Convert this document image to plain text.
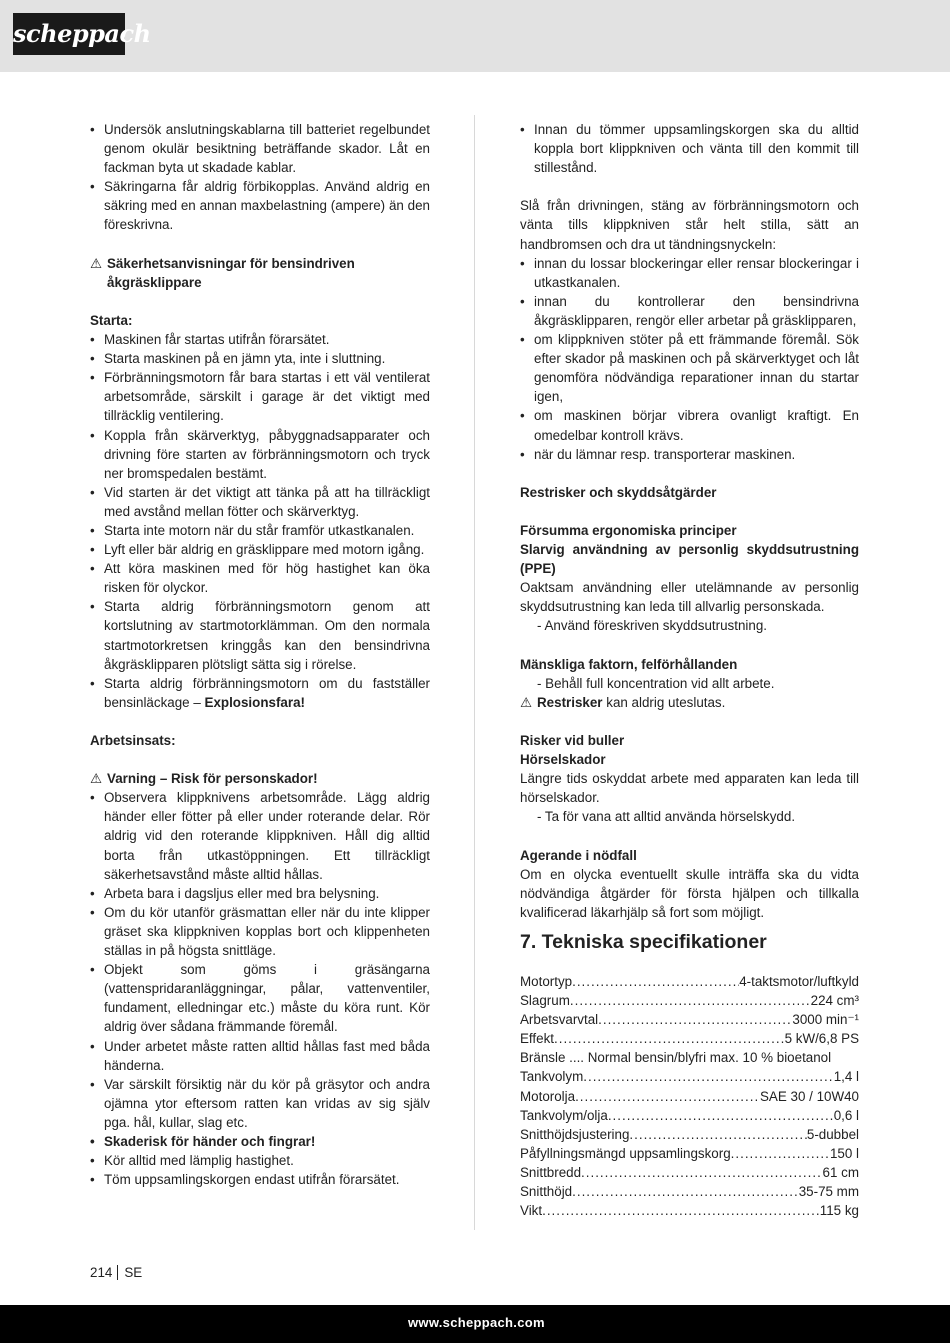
scheppach
• Undersök anslutningskablarna till batteriet regelbundet genom okulär besiktning beträffande skador. Låt en fackman byta ut skadade kablar.
• Säkringarna får aldrig förbikopplas. Använd aldrig en säkring med en annan maxbelastning (ampere) än den föreskrivna.
⚠ Säkerhetsanvisningar för bensindriven åkgräsklippare
Starta:
• Maskinen får startas utifrån förarsätet.
• Starta maskinen på en jämn yta, inte i sluttning.
• Förbränningsmotorn får bara startas i ett väl ventilerat arbetsområde, särskilt i garage är det viktigt med tillräcklig ventilering.
• Koppla från skärverktyg, påbyggnadsapparater och drivning före starten av förbränningsmotorn och tryck ner bromspedalen bestämt.
• Vid starten är det viktigt att tänka på att ha tillräckligt med avstånd mellan fötter och skärverktyg.
• Starta inte motorn när du står framför utkastkanalen.
• Lyft eller bär aldrig en gräsklippare med motorn igång.
• Att köra maskinen med för hög hastighet kan öka risken för olyckor.
• Starta aldrig förbränningsmotorn genom att kortslutning av startmotorklämman. Om den normala startmotorkretsen kringgås kan den bensindrivna åkgräsklipparen plötsligt sätta sig i rörelse.
• Starta aldrig förbränningsmotorn om du fastställer bensinläckage – Explosionsfara!
Arbetsinsats:
⚠ Varning – Risk för personskador!
• Observera klippknivens arbetsområde. Lägg aldrig händer eller fötter på eller under roterande delar. Rör aldrig vid den roterande klippkniven. Håll dig alltid borta från utkastöppningen. Ett tillräckligt säkerhetsavstånd måste alltid hållas.
• Arbeta bara i dagsljus eller med bra belysning.
• Om du kör utanför gräsmattan eller när du inte klipper gräset ska klippkniven kopplas bort och klippenheten ställas in på högsta snittläge.
• Objekt som göms i gräsängarna (vattenspridaranläggningar, pålar, vattenventiler, fundament, elledningar etc.) måste du köra runt. Kör aldrig över sådana främmande föremål.
• Under arbetet måste ratten alltid hållas fast med båda händerna.
• Var särskilt försiktig när du kör på gräsytor och andra ojämna ytor eftersom ratten kan vridas av sig själv pga. hål, kullar, slag etc.
• Skaderisk för händer och fingrar!
• Kör alltid med lämplig hastighet.
• Töm uppsamlingskorgen endast utifrån förarsätet.
• Innan du tömmer uppsamlingskorgen ska du alltid koppla bort klippkniven och vänta till den kommit till stillestånd.

Slå från drivningen, stäng av förbränningsmotorn och vänta tills klippkniven står helt stilla, sätt an handbromsen och dra ut tändningsnyckeln:

• innan du lossar blockeringar eller rensar blockeringar i utkastkanalen.
• innan du kontrollerar den bensindrivna åkgräsklipparen, rengör eller arbetar på gräsklipparen,
• om klippkniven stöter på ett främmande föremål. Sök efter skador på maskinen och på skärverktyget och låt genomföra nödvändiga reparationer innan du startar igen,
• om maskinen börjar vibrera ovanligt kraftigt. En omedelbar kontroll krävs.
• när du lämnar resp. transporterar maskinen.
Restrisker och skyddsåtgärder
Försumma ergonomiska principer
Slarvig användning av personlig skyddsutrustning (PPE)

Oaktsam användning eller utelämnande av personlig skyddsutrustning kan leda till allvarlig personskada.

- Använd föreskriven skyddsutrustning.
Mänskliga faktorn, felförhållanden
- Behåll full koncentration vid allt arbete.
⚠ Restrisker kan aldrig uteslutas.
Risker vid buller
Hörselskador

Längre tids oskyddat arbete med apparaten kan leda till hörselskador.

- Ta för vana att alltid använda hörselskydd.
Agerande i nödfall

Om en olycka eventuellt skulle inträffa ska du vidta nödvändiga åtgärder för första hjälpen och tillkalla kvalificerad läkarhjälp så fort som möjligt.

7. Tekniska specifikationer
Motortyp .....	4-taktsmotor/luftkyld
Slagrum .....	224 cm³
Arbetsvarvtal .....	3000 min⁻¹
Effekt .....	5 kW/6,8 PS
Bränsle .... Normal bensin/blyfri max. 10 % bioetanol
Tankvolym .....	1,4 l
Motorolja .....	SAE 30 / 10W40
Tankvolym/olja .....	0,6 l
Snitthöjdsjustering .....	5-dubbel
Påfyllningsmängd uppsamlingskorg .....	150 l
Snittbredd .....	61 cm
Snitthöjd .....	35-75 mm
Vikt .....	115 kg
214 SE
www.scheppach.com
